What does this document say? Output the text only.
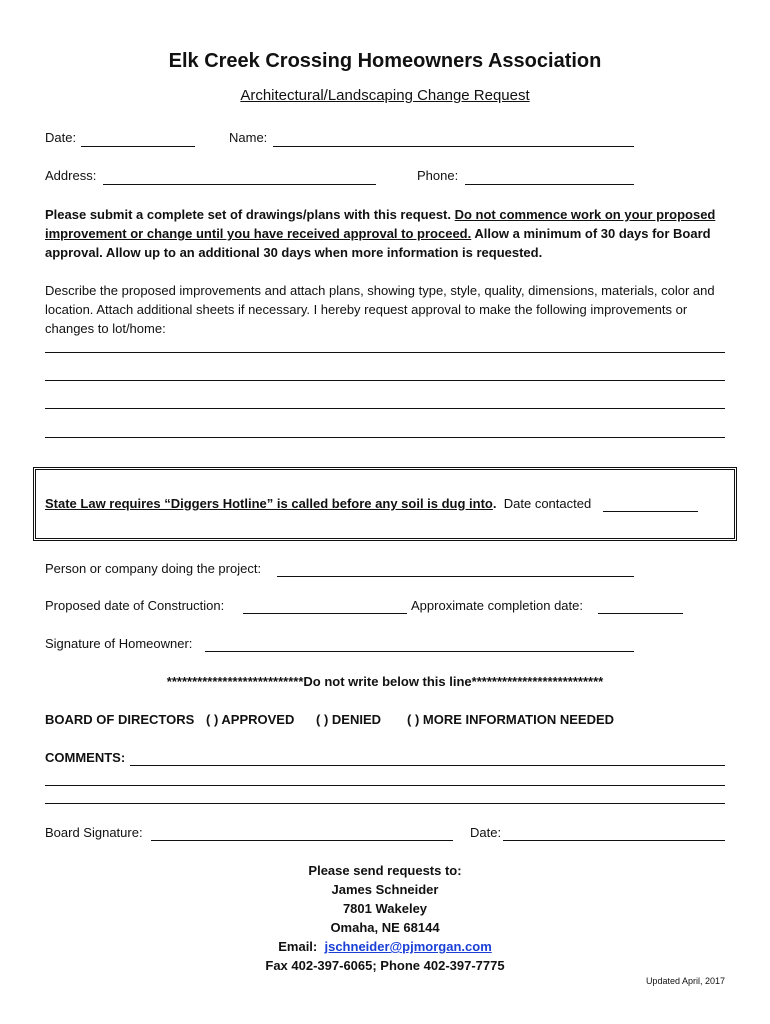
Elk Creek Crossing Homeowners Association
Architectural/Landscaping Change Request
Date:	Name:
Address:	Phone:
Please submit a complete set of drawings/plans with this request. Do not commence work on your proposed improvement or change until you have received approval to proceed. Allow a minimum of 30 days for Board approval. Allow up to an additional 30 days when more information is requested.
Describe the proposed improvements and attach plans, showing type, style, quality, dimensions, materials, color and location. Attach additional sheets if necessary. I hereby request approval to make the following improvements or changes to lot/home:
State Law requires “Diggers Hotline” is called before any soil is dug into. Date contacted
Person or company doing the project:
Proposed date of Construction:	Approximate completion date:
Signature of Homeowner:
***************************Do not write below this line**************************
BOARD OF DIRECTORS ( ) APPROVED ( ) DENIED ( ) MORE INFORMATION NEEDED
COMMENTS:
Board Signature:	Date:
Please send requests to:
James Schneider
7801 Wakeley
Omaha, NE 68144
Email: jschneider@pjmorgan.com
Fax 402-397-6065; Phone 402-397-7775
Updated April, 2017
